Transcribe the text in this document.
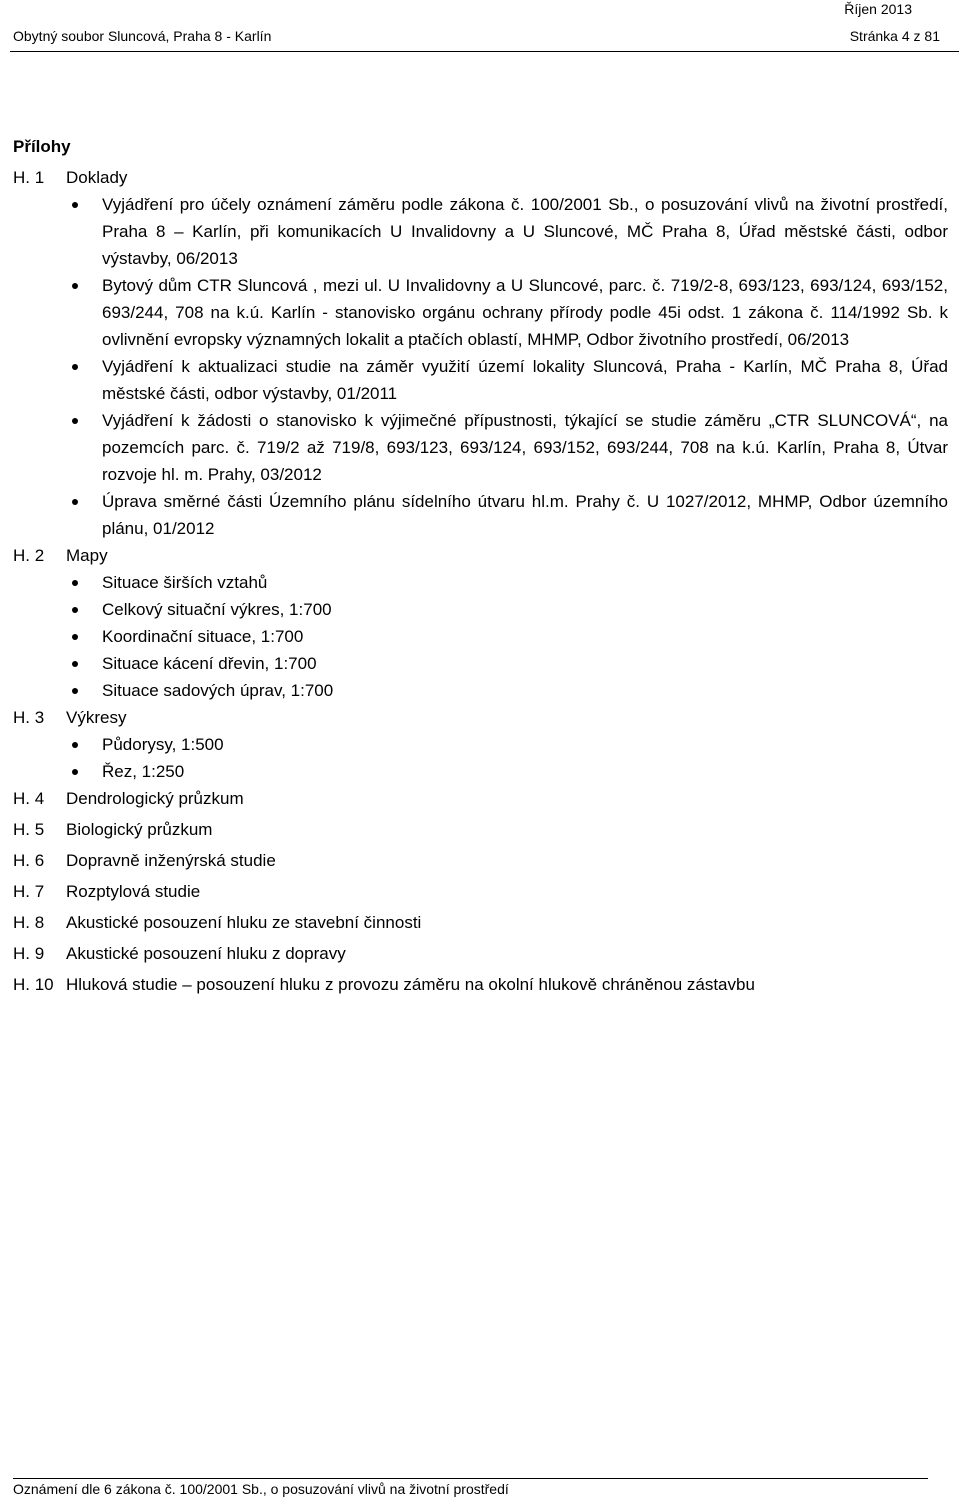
Říjen 2013
Obytný soubor Sluncová, Praha 8 - Karlín	Stránka 4 z 81
Přílohy
H. 1 Doklady
Vyjádření pro účely oznámení záměru podle zákona č. 100/2001 Sb., o posuzování vlivů na životní prostředí, Praha 8 – Karlín, při komunikacích U Invalidovny a U Sluncové, MČ Praha 8, Úřad městské části, odbor výstavby, 06/2013
Bytový dům CTR Sluncová , mezi ul. U Invalidovny a U Sluncové, parc. č. 719/2-8, 693/123, 693/124, 693/152, 693/244, 708 na k.ú. Karlín - stanovisko orgánu ochrany přírody podle 45i odst. 1 zákona č. 114/1992 Sb. k ovlivnění evropsky významných lokalit a ptačích oblastí, MHMP, Odbor životního prostředí, 06/2013
Vyjádření k aktualizaci studie na záměr využití území lokality Sluncová, Praha - Karlín, MČ Praha 8, Úřad městské části, odbor výstavby, 01/2011
Vyjádření k žádosti o stanovisko k výjimečné přípustnosti, týkající se studie záměru „CTR SLUNCOVÁ“, na pozemcích parc. č. 719/2 až 719/8, 693/123, 693/124, 693/152, 693/244, 708 na k.ú. Karlín, Praha 8, Útvar rozvoje hl. m. Prahy, 03/2012
Úprava směrné části Územního plánu sídelního útvaru hl.m. Prahy č. U 1027/2012, MHMP, Odbor územního plánu, 01/2012
H. 2 Mapy
Situace širších vztahů
Celkový situační výkres, 1:700
Koordinační situace, 1:700
Situace kácení dřevin, 1:700
Situace sadových úprav, 1:700
H. 3 Výkresy
Půdorysy, 1:500
Řez, 1:250
H. 4 Dendrologický průzkum
H. 5 Biologický průzkum
H. 6 Dopravně inženýrská studie
H. 7 Rozptylová studie
H. 8 Akustické posouzení hluku ze stavební činnosti
H. 9 Akustické posouzení hluku z dopravy
H. 10 Hluková studie – posouzení hluku z provozu záměru na okolní hlukově chráněnou zástavbu
Oznámení dle 6 zákona č. 100/2001 Sb., o posuzování vlivů na životní prostředí
